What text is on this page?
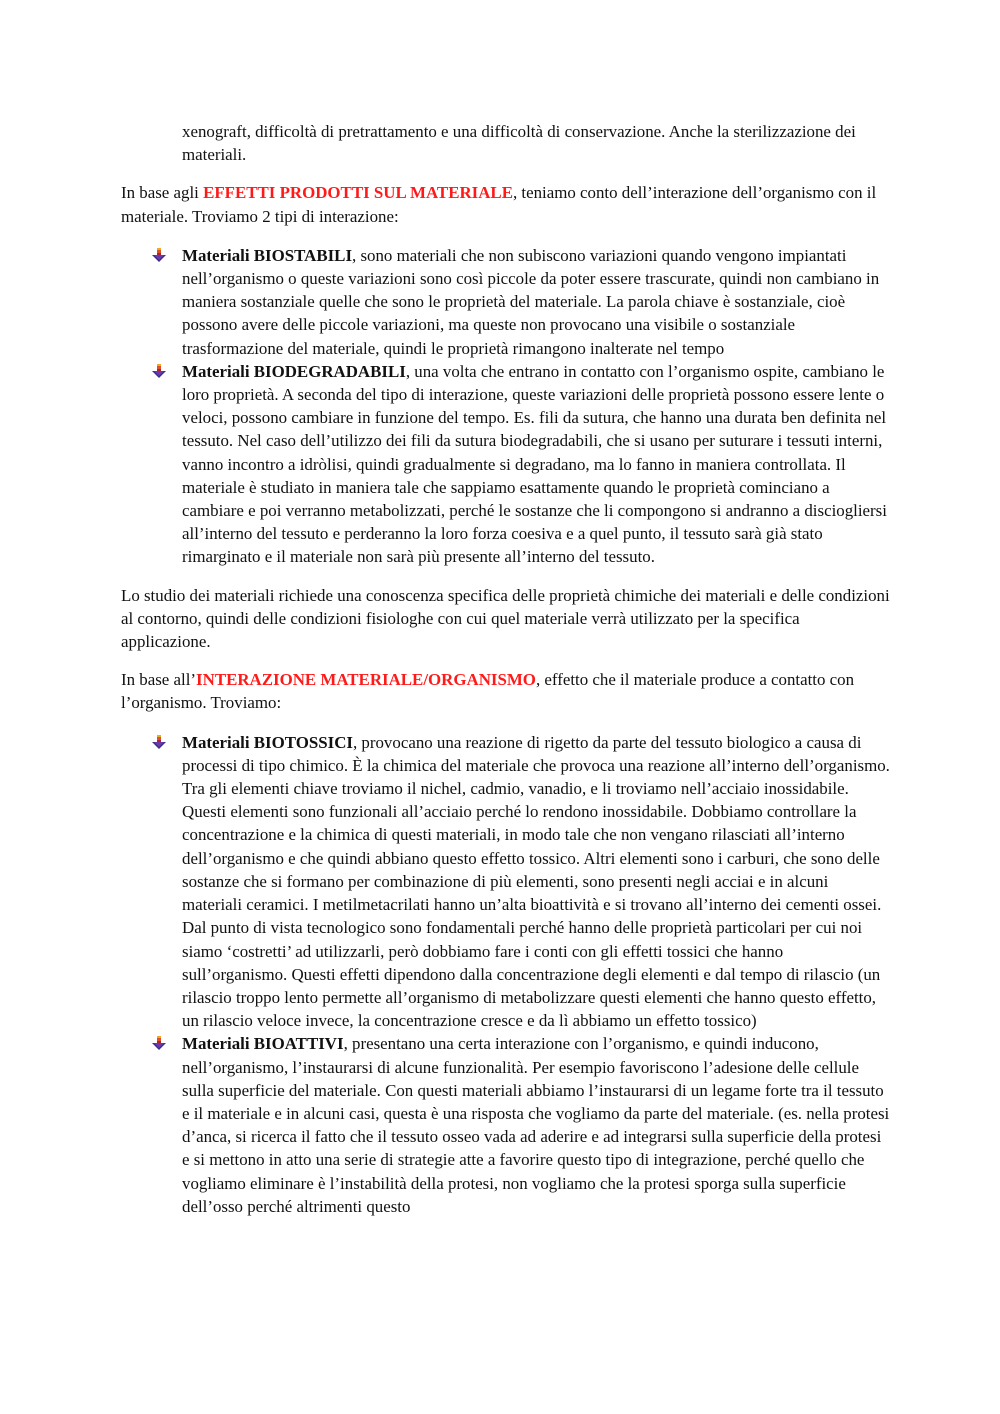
xenograft, difficoltà di pretrattamento e una difficoltà di conservazione. Anche la sterilizzazione dei materiali.

In base agli EFFETTI PRODOTTI SUL MATERIALE, teniamo conto dell’interazione dell’organismo con il materiale. Troviamo 2 tipi di interazione:

Materiali BIOSTABILI, sono materiali che non subiscono variazioni quando vengono impiantati nell’organismo o queste variazioni sono così piccole da poter essere trascurate, quindi non cambiano in maniera sostanziale quelle che sono le proprietà del materiale. La parola chiave è sostanziale, cioè possono avere delle piccole variazioni, ma queste non provocano una visibile o sostanziale trasformazione del materiale, quindi le proprietà rimangono inalterate nel tempo
Materiali BIODEGRADABILI, una volta che entrano in contatto con l’organismo ospite, cambiano le loro proprietà. A seconda del tipo di interazione, queste variazioni delle proprietà possono essere lente o veloci, possono cambiare in funzione del tempo. Es. fili da sutura, che hanno una durata ben definita nel tessuto. Nel caso dell’utilizzo dei fili da sutura biodegradabili, che si usano per suturare i tessuti interni, vanno incontro a idròlisi, quindi gradualmente si degradano, ma lo fanno in maniera controllata. Il materiale è studiato in maniera tale che sappiamo esattamente quando le proprietà cominciano a cambiare e poi verranno metabolizzati, perché le sostanze che li compongono si andranno a disciogliersi all’interno del tessuto e perderanno la loro forza coesiva e a quel punto, il tessuto sarà già stato rimarginato e il materiale non sarà più presente all’interno del tessuto.

Lo studio dei materiali richiede una conoscenza specifica delle proprietà chimiche dei materiali e delle condizioni al contorno, quindi delle condizioni fisiologhe con cui quel materiale verrà utilizzato per la specifica applicazione.

In base all’INTERAZIONE MATERIALE/ORGANISMO, effetto che il materiale produce a contatto con l’organismo. Troviamo:

Materiali BIOTOSSICI, provocano una reazione di rigetto da parte del tessuto biologico a causa di processi di tipo chimico. È la chimica del materiale che provoca una reazione all’interno dell’organismo.
Tra gli elementi chiave troviamo il nichel, cadmio, vanadio, e li troviamo nell’acciaio inossidabile. Questi elementi sono funzionali all’acciaio perché lo rendono inossidabile. Dobbiamo controllare la concentrazione e la chimica di questi materiali, in modo tale che non vengano rilasciati all’interno dell’organismo e che quindi abbiano questo effetto tossico. Altri elementi sono i carburi, che sono delle sostanze che si formano per combinazione di più elementi, sono presenti negli acciai e in alcuni materiali ceramici. I metilmetacrilati hanno un’alta bioattività e si trovano all’interno dei cementi ossei. Dal punto di vista tecnologico sono fondamentali perché hanno delle proprietà particolari per cui noi siamo ‘costretti’ ad utilizzarli, però dobbiamo fare i conti con gli effetti tossici che hanno sull’organismo. Questi effetti dipendono dalla concentrazione degli elementi e dal tempo di rilascio (un rilascio troppo lento permette all’organismo di metabolizzare questi elementi che hanno questo effetto, un rilascio veloce invece, la concentrazione cresce e da lì abbiamo un effetto tossico)
Materiali BIOATTIVI, presentano una certa interazione con l’organismo, e quindi inducono, nell’organismo, l’instaurarsi di alcune funzionalità. Per esempio favoriscono l’adesione delle cellule sulla superficie del materiale. Con questi materiali abbiamo l’instaurarsi di un legame forte tra il tessuto e il materiale e in alcuni casi, questa è una risposta che vogliamo da parte del materiale. (es. nella protesi d’anca, si ricerca il fatto che il tessuto osseo vada ad aderire e ad integrarsi sulla superficie della protesi e si mettono in atto una serie di strategie atte a favorire questo tipo di integrazione, perché quello che vogliamo eliminare è l’instabilità della protesi, non vogliamo che la protesi sporga sulla superficie dell’osso perché altrimenti questo
